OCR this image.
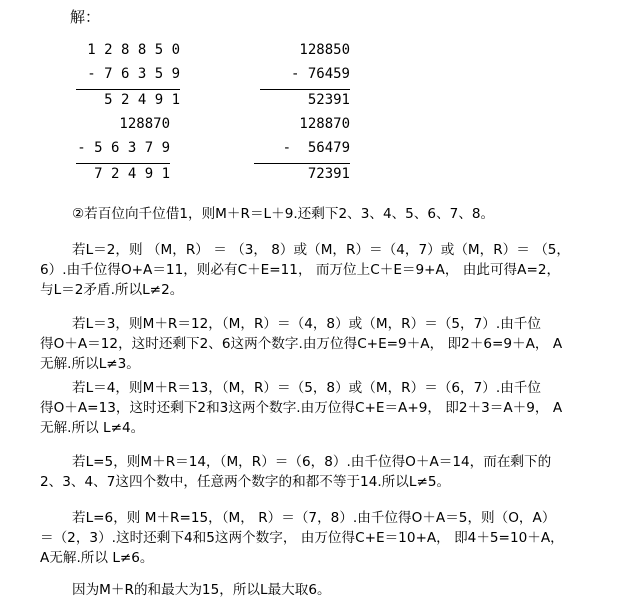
解：
1 2 8 8 5 0
- 7 6 3 5 9
5 2 4 9 1
128850
- 76459
52391
128870
- 5 6 3 7 9
7 2 4 9 1
128870
-  56479
72391

②若百位向千位借1，则M＋R＝L＋9.还剩下2、3、4、5、6、7、8。

若L＝2，则 （M，R） ＝ （3， 8）或（M，R）＝（4，7）或（M，R）＝ （5，

6）.由千位得O+A＝11，则必有C＋E=11， 而万位上C＋E＝9+A， 由此可得A=2，

与L＝2矛盾.所以L≠2。

若L＝3，则M＋R＝12，（M，R）＝（4，8）或（M，R）＝（5，7）.由千位

得O＋A＝12，这时还剩下2、6这两个数字.由万位得C+E=9＋A， 即2＋6=9＋A， A

无解.所以L≠3。

若L＝4，则M＋R＝13，（M，R）＝（5，8）或（M，R）＝（6，7）.由千位

得O＋A=13，这时还剩下2和3这两个数字.由万位得C+E＝A+9， 即2＋3＝A＋9， A

无解.所以 L≠4。

若L=5，则M＋R＝14，（M，R）＝（6，8）.由千位得O＋A＝14，而在剩下的

2、3、4、7这四个数中，任意两个数字的和都不等于14.所以L≠5。

若L=6，则 M＋R=15，（M， R）＝（7，8）.由千位得O＋A＝5，则（O，A）

＝（2，3）.这时还剩下4和5这两个数字， 由万位得C+E＝10+A， 即4＋5=10＋A，

A无解.所以 L≠6。

因为M＋R的和最大为15，所以L最大取6。
